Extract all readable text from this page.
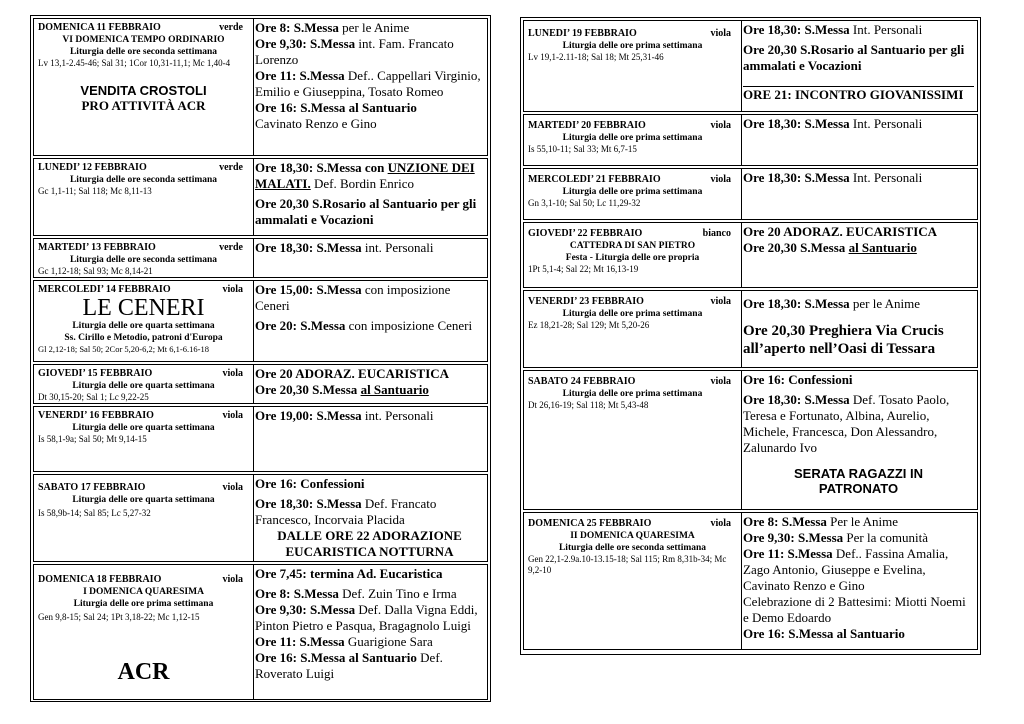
DOMENICA 11 FEBBRAIO	verde
VI DOMENICA TEMPO ORDINARIO
Liturgia delle ore seconda settimana
Lv 13,1-2.45-46; Sal 31; 1Cor 10,31-11,1; Mc 1,40-4
VENDITA CROSTOLI
PRO ATTIVITÀ ACR
Ore 8: S.Messa per le Anime
Ore 9,30: S.Messa int. Fam. Francato Lorenzo
Ore 11: S.Messa Def.. Cappellari Virginio, Emilio e Giuseppina, Tosato Romeo
Ore 16: S.Messa al Santuario
Cavinato Renzo e Gino
LUNEDI’ 12 FEBBRAIO	verde
Liturgia delle ore seconda settimana
Gc 1,1-11; Sal 118; Mc 8,11-13
Ore 18,30: S.Messa con UNZIONE DEI MALATI. Def. Bordin Enrico
Ore 20,30 S.Rosario al Santuario per gli ammalati e Vocazioni
MARTEDI’ 13 FEBBRAIO	verde
Liturgia delle ore seconda settimana
Gc 1,12-18; Sal 93; Mc 8,14-21
Ore 18,30: S.Messa int. Personali
MERCOLEDI’ 14 FEBBRAIO	viola
LE CENERI
Liturgia delle ore quarta settimana
Ss. Cirillo e Metodio, patroni d'Europa
Gl 2,12-18; Sal 50; 2Cor 5,20-6,2; Mt 6,1-6.16-18
Ore 15,00: S.Messa con imposizione Ceneri
Ore 20: S.Messa con imposizione Ceneri
GIOVEDI’ 15 FEBBRAIO	viola
Liturgia delle ore quarta settimana
Dt 30,15-20; Sal 1; Lc 9,22-25
Ore 20 ADORAZ. EUCARISTICA
Ore 20,30 S.Messa al Santuario
VENERDI’ 16 FEBBRAIO	viola
Liturgia delle ore quarta settimana
Is 58,1-9a; Sal 50; Mt 9,14-15
Ore 19,00: S.Messa int. Personali
SABATO 17 FEBBRAIO	viola
Liturgia delle ore quarta settimana
Is 58,9b-14; Sal 85; Lc 5,27-32
Ore 16: Confessioni
Ore 18,30: S.Messa Def. Francato Francesco, Incorvaia Placida
DALLE ORE 22 ADORAZIONE EUCARISTICA NOTTURNA
DOMENICA 18 FEBBRAIO	viola
I DOMENICA QUARESIMA
Liturgia delle ore prima settimana
Gen 9,8-15; Sal 24; 1Pt 3,18-22; Mc 1,12-15
ACR
Ore 7,45: termina Ad. Eucaristica
Ore 8: S.Messa Def. Zuin Tino e Irma
Ore 9,30: S.Messa Def. Dalla Vigna Eddi, Pinton Pietro e Pasqua, Bragagnolo Luigi
Ore 11: S.Messa Guarigione Sara
Ore 16: S.Messa al Santuario Def. Roverato Luigi
LUNEDI’ 19 FEBBRAIO	viola
Liturgia delle ore prima settimana
Lv 19,1-2.11-18; Sal 18; Mt 25,31-46
Ore 18,30: S.Messa Int. Personali
Ore 20,30 S.Rosario al Santuario per gli ammalati e Vocazioni
ORE 21: INCONTRO GIOVANISSIMI
MARTEDI’ 20 FEBBRAIO	viola
Liturgia delle ore prima settimana
Is 55,10-11; Sal 33; Mt 6,7-15
Ore 18,30: S.Messa Int. Personali
MERCOLEDI’ 21 FEBBRAIO	viola
Liturgia delle ore prima settimana
Gn 3,1-10; Sal 50; Lc 11,29-32
Ore 18,30: S.Messa Int. Personali
GIOVEDI’ 22 FEBBRAIO	bianco
CATTEDRA DI SAN PIETRO
Festa - Liturgia delle ore propria
1Pt 5,1-4; Sal 22; Mt 16,13-19
Ore 20 ADORAZ. EUCARISTICA
Ore 20,30 S.Messa al Santuario
VENERDI’ 23 FEBBRAIO	viola
Liturgia delle ore prima settimana
Ez 18,21-28; Sal 129; Mt 5,20-26
Ore 18,30: S.Messa per le Anime
Ore 20,30 Preghiera Via Crucis all’aperto nell’Oasi di Tessara
SABATO 24 FEBBRAIO	viola
Liturgia delle ore prima settimana
Dt 26,16-19; Sal 118; Mt 5,43-48
Ore 16: Confessioni
Ore 18,30: S.Messa Def. Tosato Paolo, Teresa e Fortunato, Albina, Aurelio, Michele, Francesca, Don Alessandro, Zalunardo Ivo
SERATA RAGAZZI IN PATRONATO
DOMENICA 25 FEBBRAIO	viola
II DOMENICA QUARESIMA
Liturgia delle ore seconda settimana
Gen 22,1-2.9a.10-13.15-18; Sal 115; Rm 8,31b-34; Mc 9,2-10
Ore 8: S.Messa Per le Anime
Ore 9,30: S.Messa Per la comunità
Ore 11: S.Messa Def.. Fassina Amalia, Zago Antonio, Giuseppe e Evelina, Cavinato Renzo e Gino
Celebrazione di 2 Battesimi: Miotti Noemi e Demo Edoardo
Ore 16: S.Messa al Santuario
